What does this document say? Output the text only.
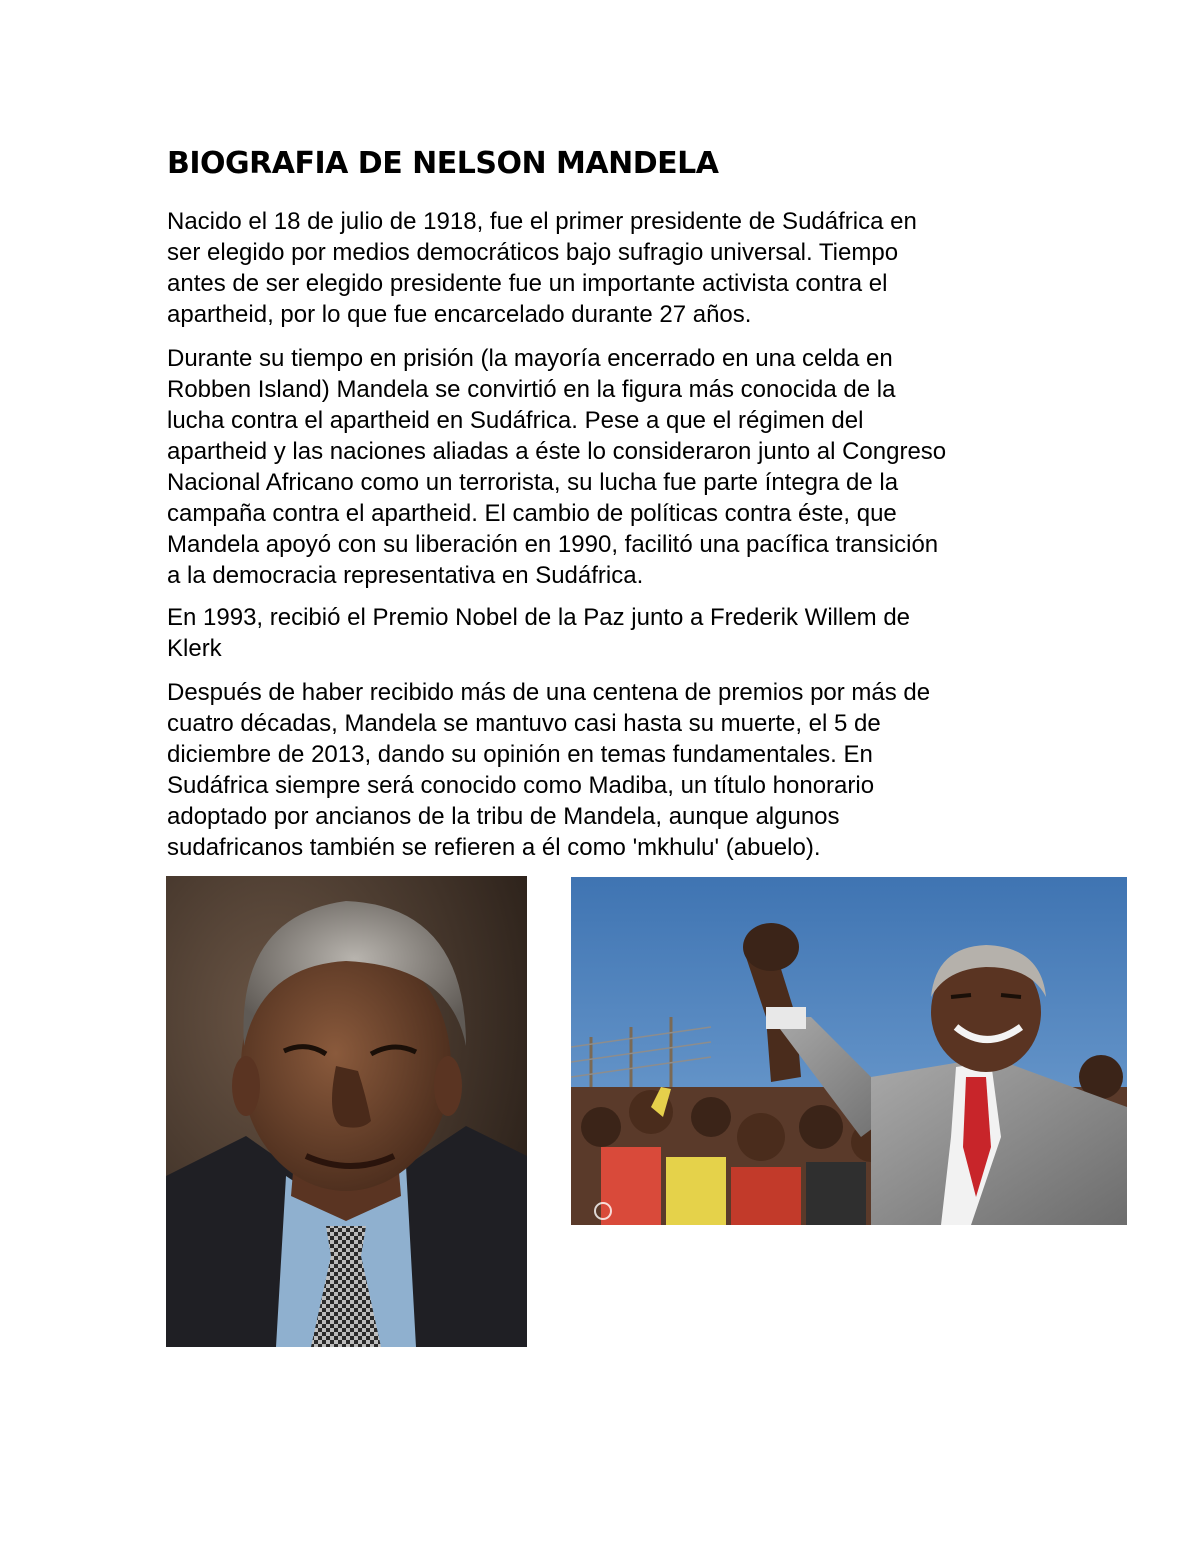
BIOGRAFIA DE NELSON MANDELA

Nacido el 18 de julio de 1918, fue el primer presidente de Sudáfrica en
ser elegido por medios democráticos bajo sufragio universal. Tiempo
antes de ser elegido presidente fue un importante activista contra el
apartheid, por lo que fue encarcelado durante 27 años.

Durante su tiempo en prisión (la mayoría encerrado en una celda en
Robben Island) Mandela se convirtió en la figura más conocida de la
lucha contra el apartheid en Sudáfrica. Pese a que el régimen del
apartheid y las naciones aliadas a éste lo consideraron junto al Congreso
Nacional Africano como un terrorista, su lucha fue parte íntegra de la
campaña contra el apartheid. El cambio de políticas contra éste, que
Mandela apoyó con su liberación en 1990, facilitó una pacífica transición
a la democracia representativa en Sudáfrica.

En 1993, recibió el Premio Nobel de la Paz junto a Frederik Willem de
Klerk

Después de haber recibido más de una centena de premios por más de
cuatro décadas, Mandela se mantuvo casi hasta su muerte, el 5 de
diciembre de 2013, dando su opinión en temas fundamentales. En
Sudáfrica siempre será conocido como Madiba, un título honorario
adoptado por ancianos de la tribu de Mandela, aunque algunos
sudafricanos también se refieren a él como 'mkhulu' (abuelo).
